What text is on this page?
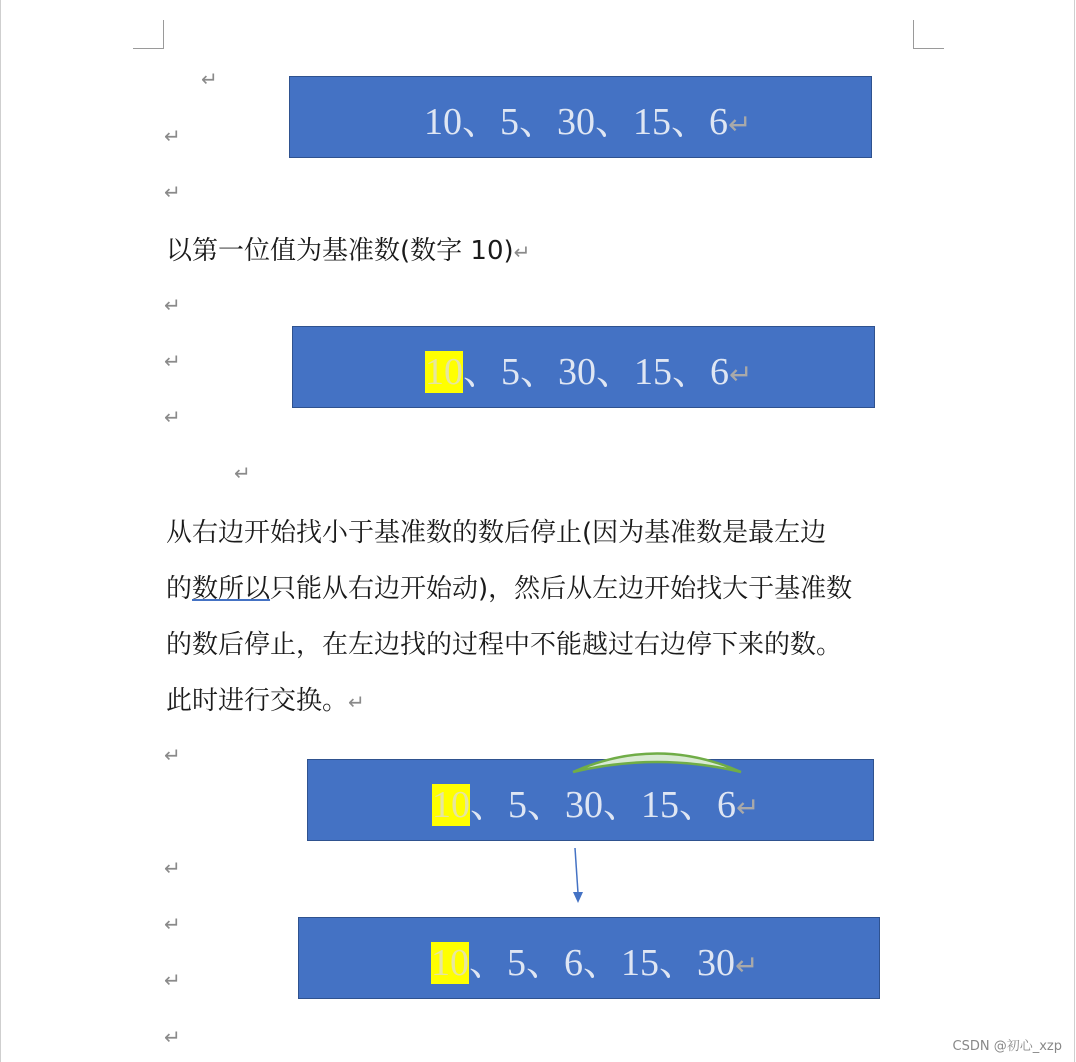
↵
↵
↵
↵
↵
↵
↵
↵
↵
↵
↵
↵
10、5、30、15、6↵
以第一位值为基准数(数字 10)↵
10、5、30、15、6↵
从右边开始找小于基准数的数后停止(因为基准数是最左边
的数所以只能从右边开始动)，然后从左边开始找大于基准数
的数后停止，在左边找的过程中不能越过右边停下来的数。
此时进行交换。↵
10、5、30、15、6↵
10、5、6、15、30↵
CSDN @初心_xzp
